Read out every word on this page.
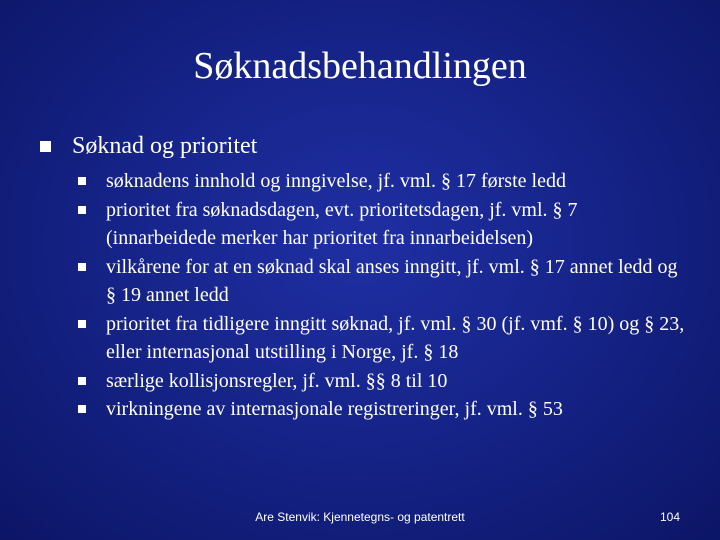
Søknadsbehandlingen
Søknad og prioritet
søknadens innhold og inngivelse, jf. vml. § 17 første ledd
prioritet fra søknadsdagen, evt. prioritetsdagen, jf. vml. § 7 (innarbeidede merker har prioritet fra innarbeidelsen)
vilkårene for at en søknad skal anses inngitt, jf. vml. § 17 annet ledd og § 19 annet ledd
prioritet fra tidligere inngitt søknad, jf. vml. § 30 (jf. vmf. § 10) og § 23, eller internasjonal utstilling i Norge, jf. § 18
særlige kollisjonsregler, jf. vml. §§ 8 til 10
virkningene av internasjonale registreringer, jf. vml. § 53
Are Stenvik: Kjennetegns- og patentrett	104
